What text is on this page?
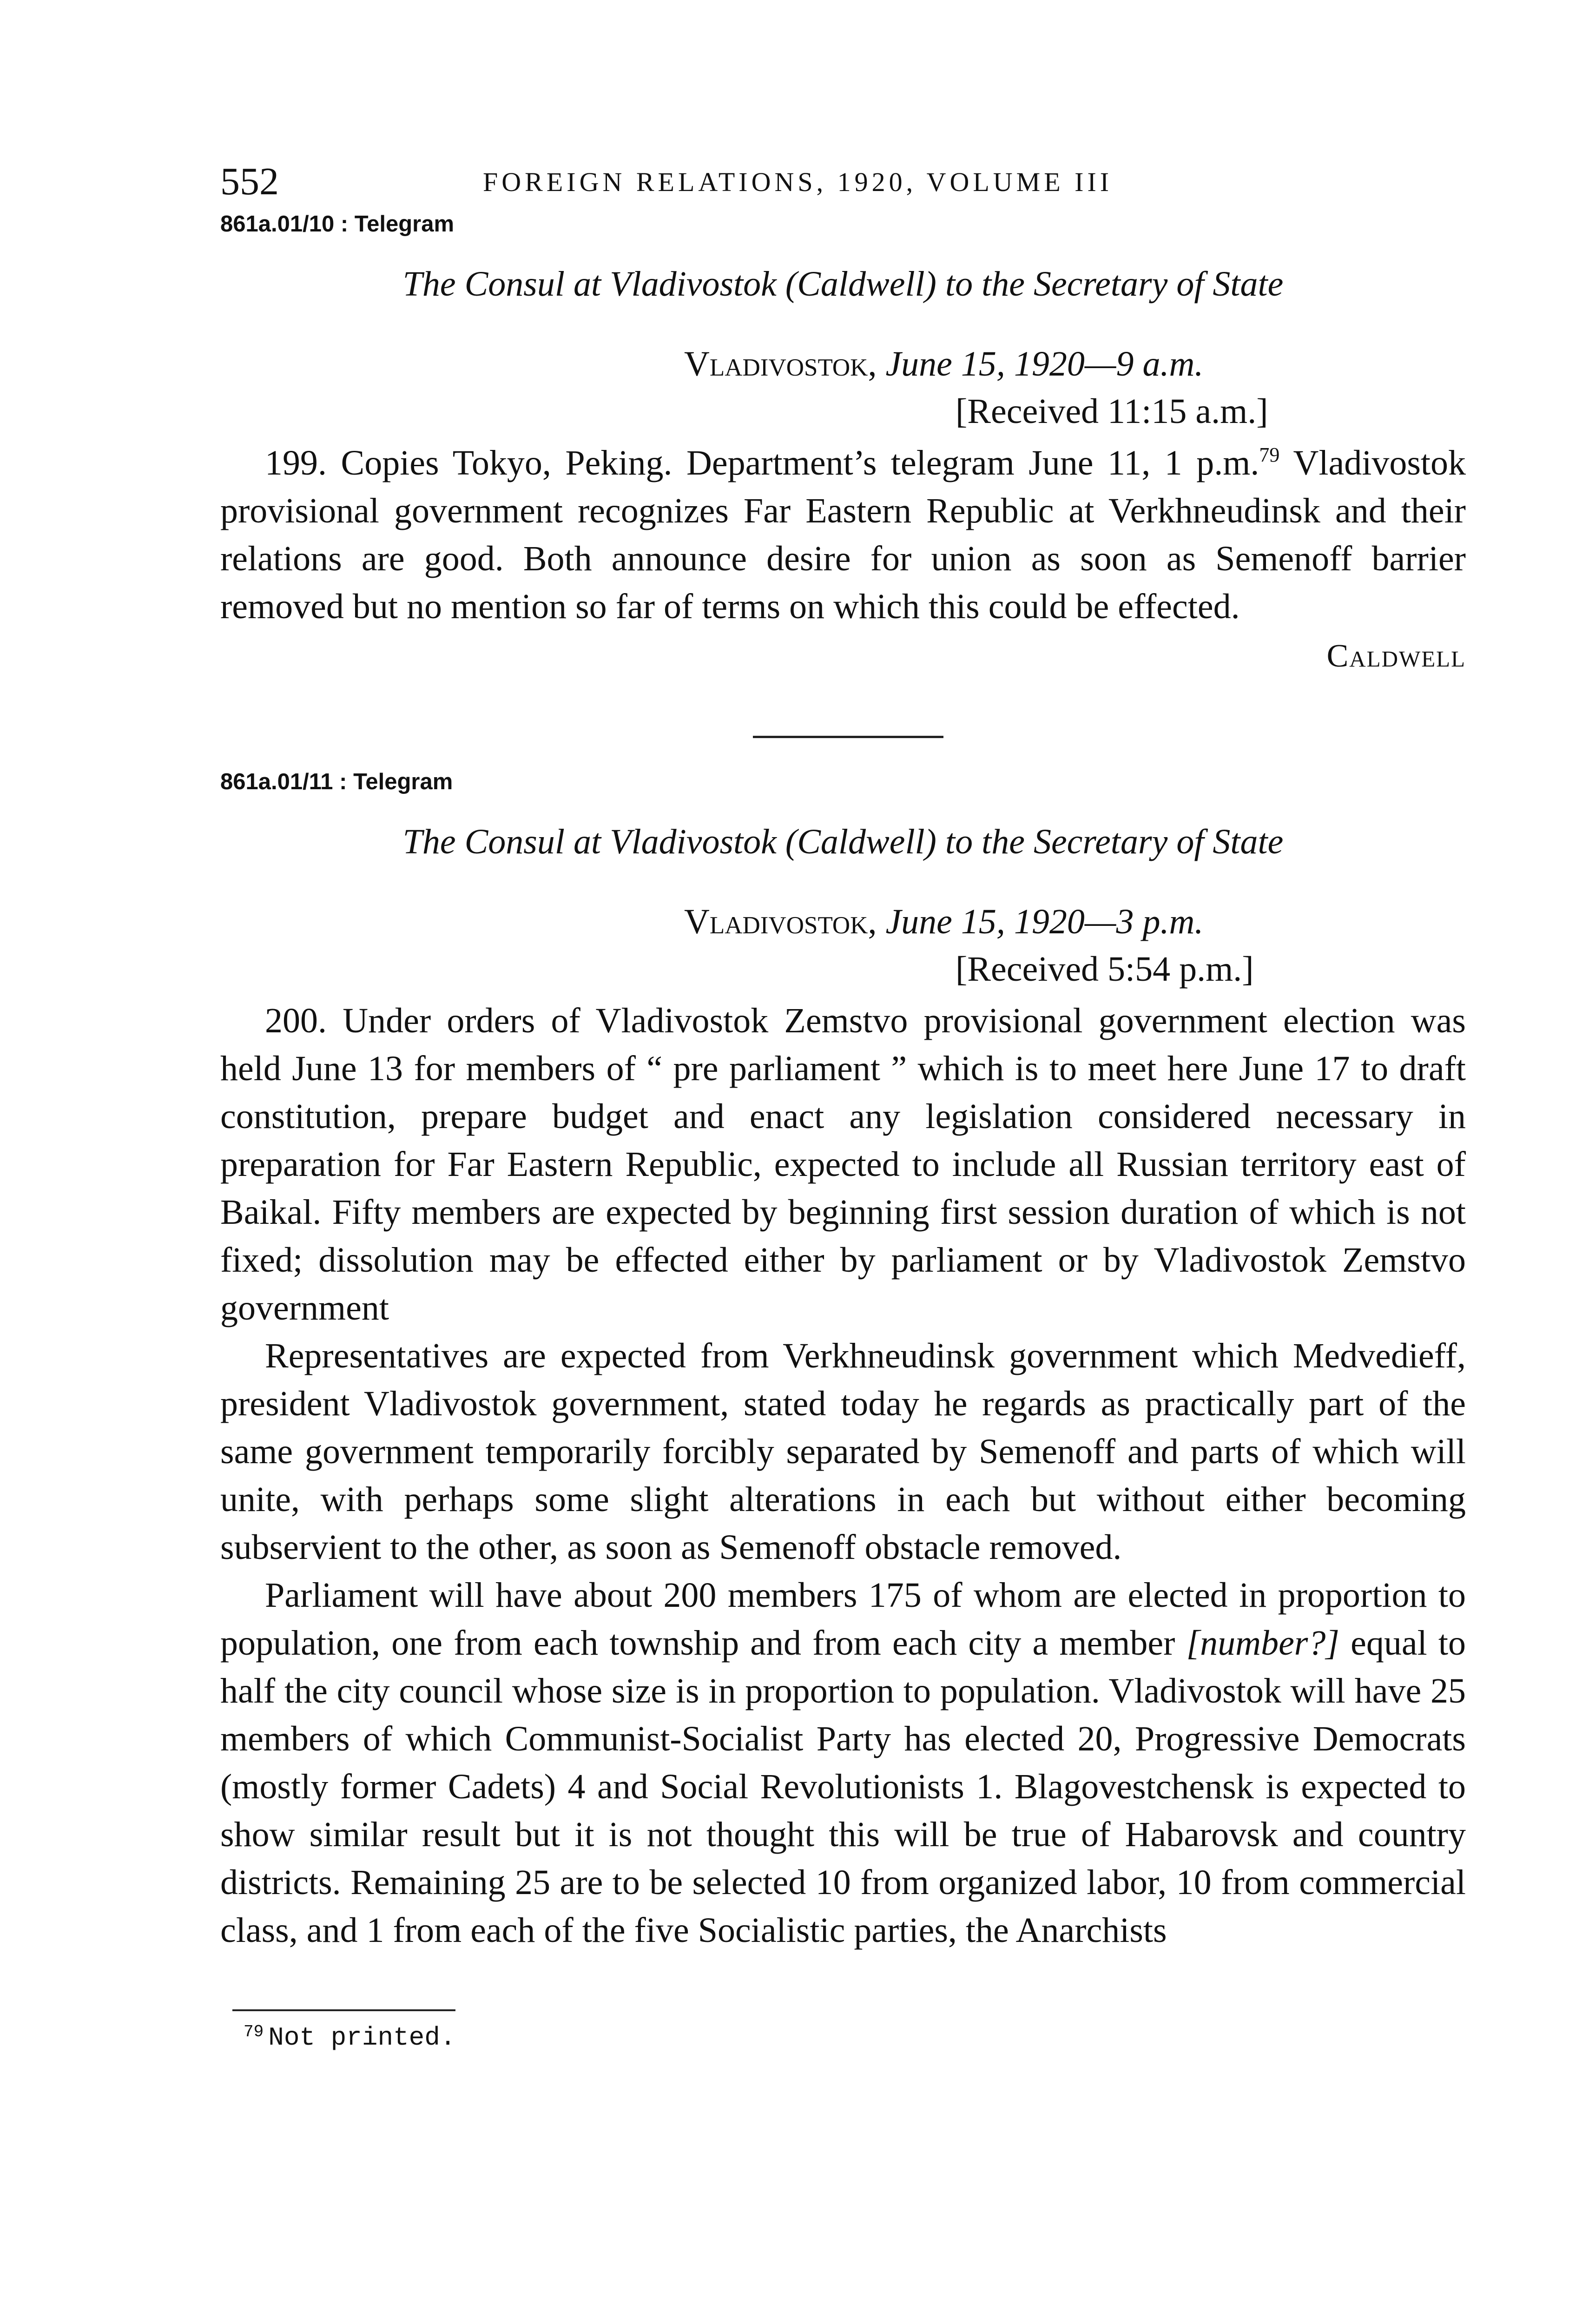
552	FOREIGN RELATIONS, 1920, VOLUME III
861a.01/10 : Telegram
The Consul at Vladivostok (Caldwell) to the Secretary of State
Vladivostok, June 15, 1920—9 a.m.
[Received 11:15 a.m.]

199. Copies Tokyo, Peking. Department’s telegram June 11, 1 p.m.$^{79}$ Vladivostok provisional government recognizes Far Eastern Republic at Verkhneudinsk and their relations are good. Both announce desire for union as soon as Semenoff barrier removed but no mention so far of terms on which this could be effected.

Caldwell
861a.01/11 : Telegram
The Consul at Vladivostok (Caldwell) to the Secretary of State
Vladivostok, June 15, 1920—3 p.m.
[Received 5:54 p.m.]

200. Under orders of Vladivostok Zemstvo provisional government election was held June 13 for members of “ pre parliament ” which is to meet here June 17 to draft constitution, prepare budget and enact any legislation considered necessary in preparation for Far Eastern Republic, expected to include all Russian territory east of Baikal. Fifty members are expected by beginning first session duration of which is not fixed; dissolution may be effected either by parliament or by Vladivostok Zemstvo government

Representatives are expected from Verkhneudinsk government which Medvedieff, president Vladivostok government, stated today he regards as practically part of the same government temporarily forcibly separated by Semenoff and parts of which will unite, with perhaps some slight alterations in each but without either becoming subservient to the other, as soon as Semenoff obstacle removed.

Parliament will have about 200 members 175 of whom are elected in proportion to population, one from each township and from each city a member [number?] equal to half the city council whose size is in proportion to population. Vladivostok will have 25 members of which Communist-Socialist Party has elected 20, Progressive Democrats (mostly former Cadets) 4 and Social Revolutionists 1. Blagovestchensk is expected to show similar result but it is not thought this will be true of Habarovsk and country districts. Remaining 25 are to be selected 10 from organized labor, 10 from commercial class, and 1 from each of the five Socialistic parties, the Anarchists

$^{79}$ Not printed.
